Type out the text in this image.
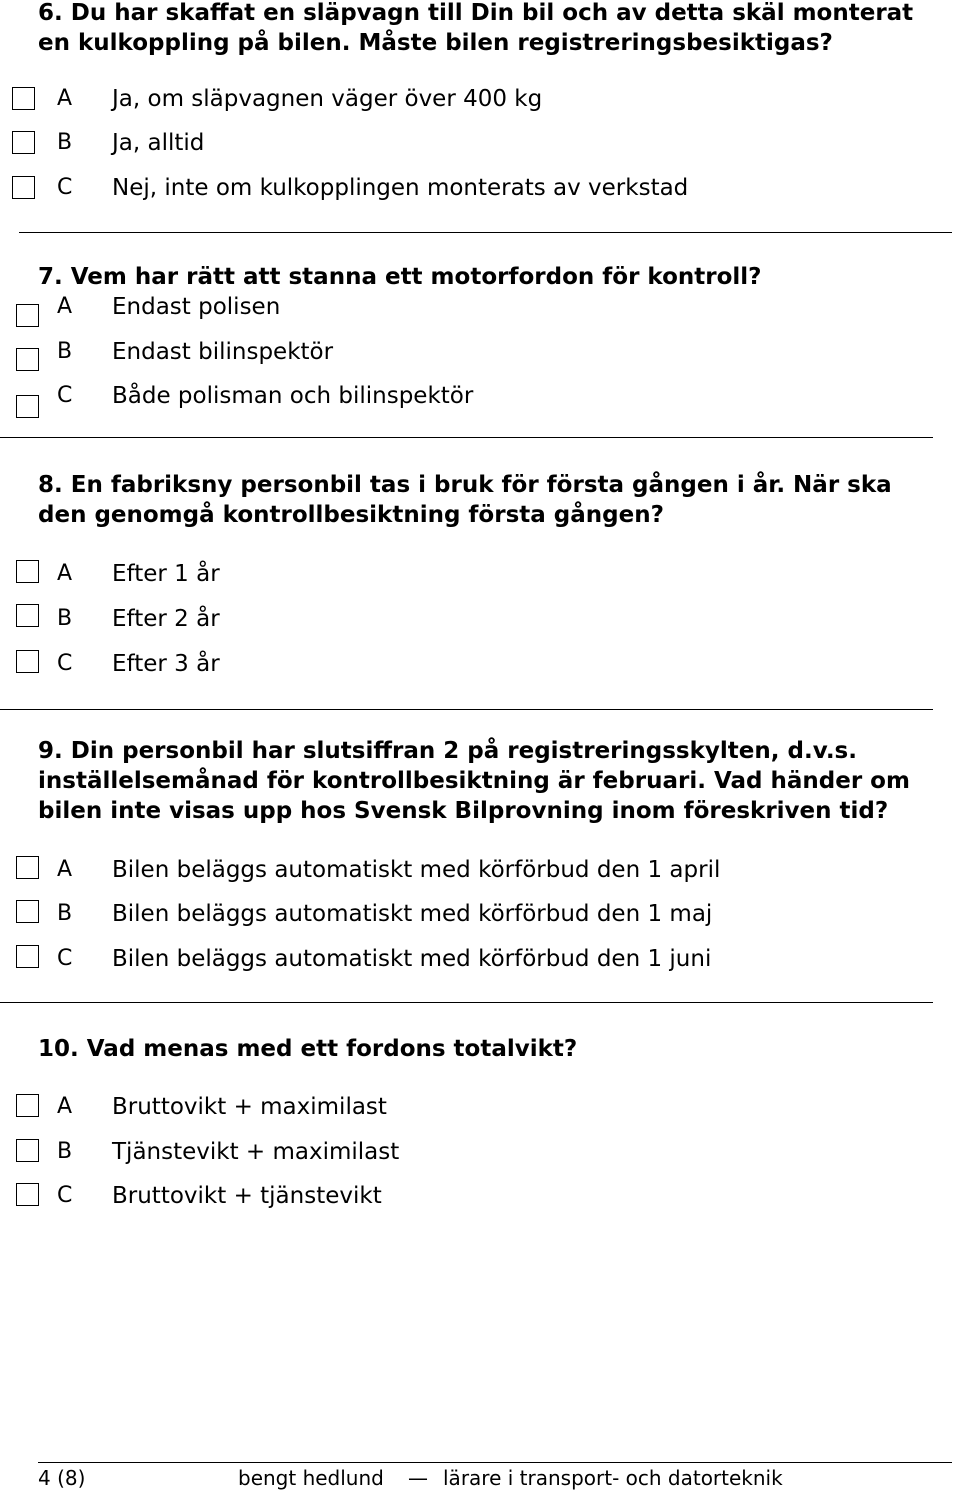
6. Du har skaffat en släpvagn till Din bil och av detta skäl monterat
en kulkoppling på bilen. Måste bilen registreringsbesiktigas?
A	Ja, om släpvagnen väger över 400 kg
B	Ja, alltid
C	Nej, inte om kulkopplingen monterats av verkstad
7. Vem har rätt att stanna ett motorfordon för kontroll?
A	Endast polisen
B	Endast bilinspektör
C	Både polisman och bilinspektör
8. En fabriksny personbil tas i bruk för första gången i år. När ska
den genomgå kontrollbesiktning första gången?
A	Efter 1 år
B	Efter 2 år
C	Efter 3 år
9. Din personbil har slutsiffran 2 på registreringsskylten, d.v.s.
inställelsemånad för kontrollbesiktning är februari. Vad händer om
bilen inte visas upp hos Svensk Bilprovning inom föreskriven tid?
A	Bilen beläggs automatiskt med körförbud den 1 april
B	Bilen beläggs automatiskt med körförbud den 1 maj
C	Bilen beläggs automatiskt med körförbud den 1 juni
10. Vad menas med ett fordons totalvikt?
A	Bruttovikt + maximilast
B	Tjänstevikt + maximilast
C	Bruttovikt + tjänstevikt
4 (8)	bengt hedlund — lärare i transport- och datorteknik
